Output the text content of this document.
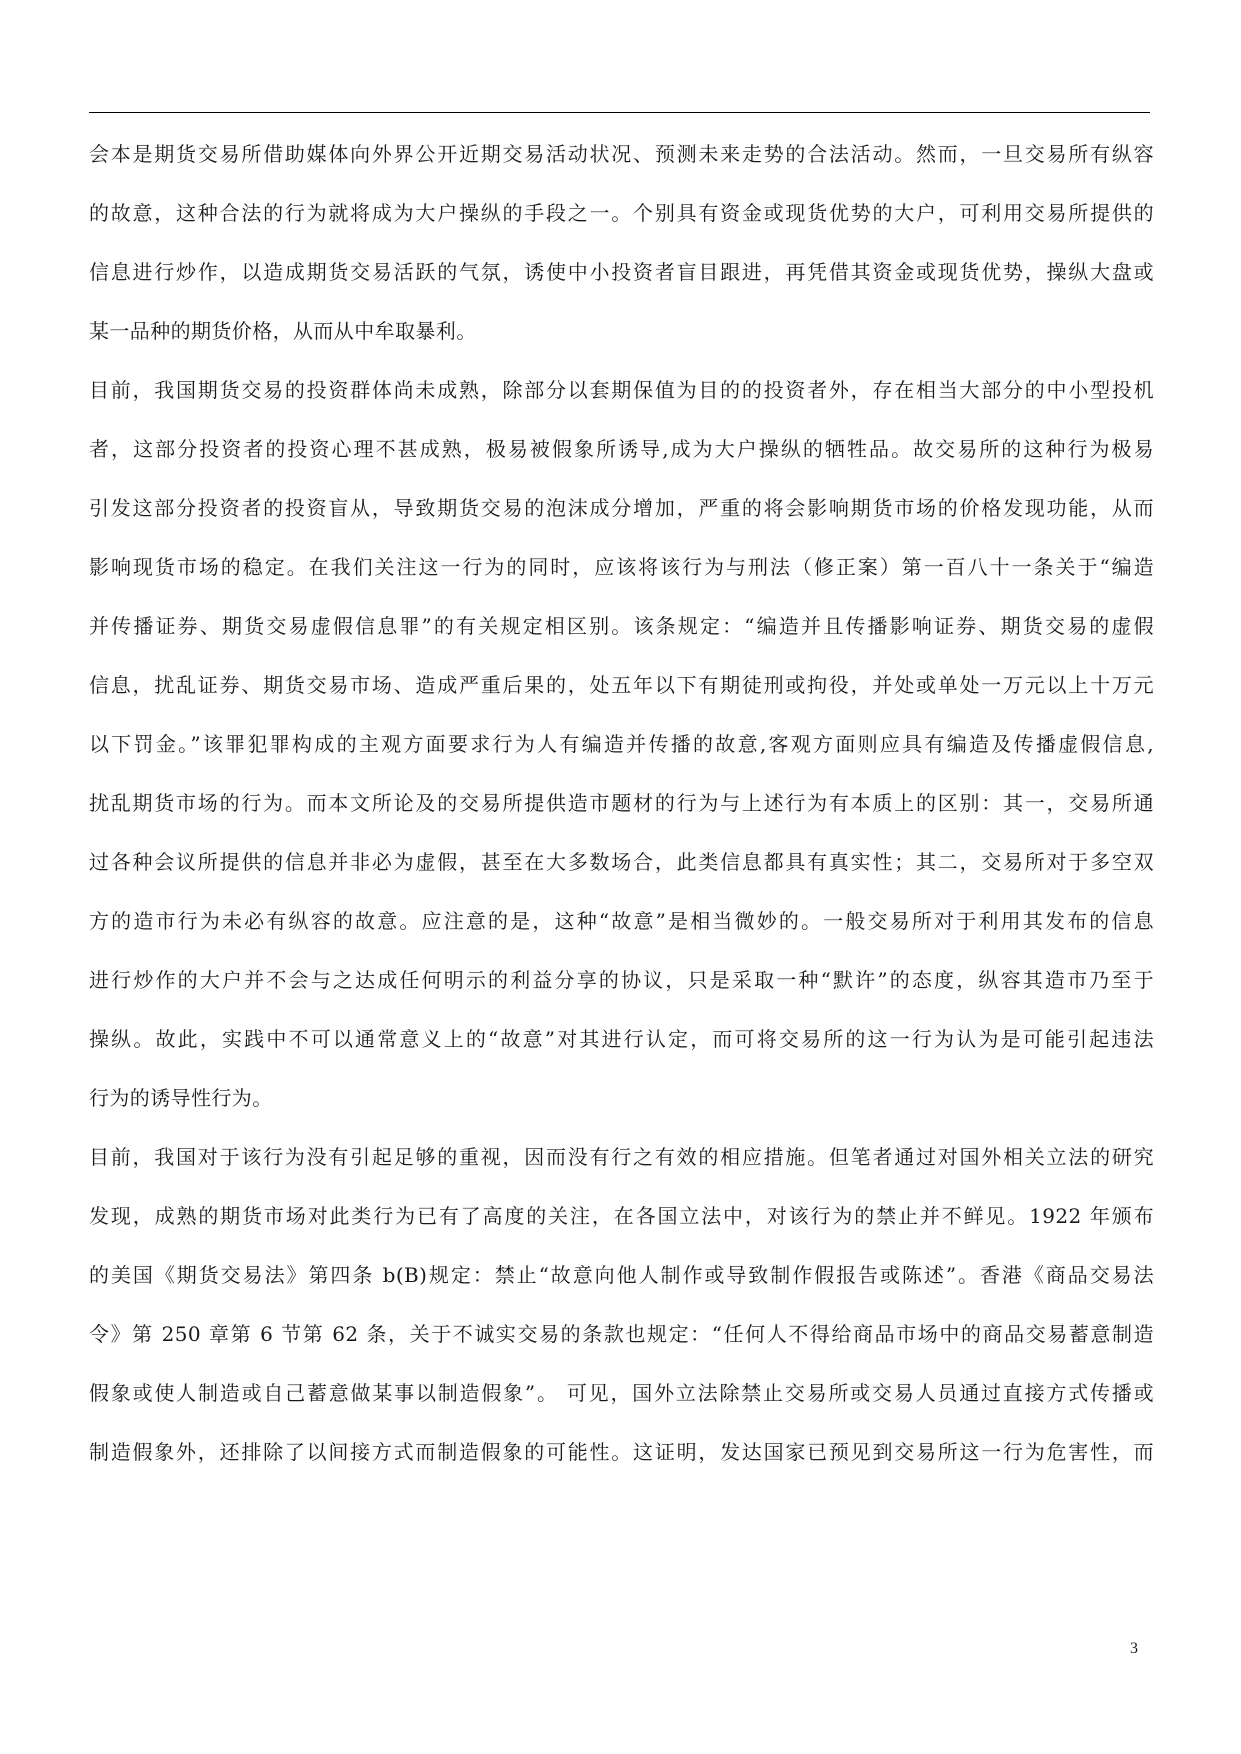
会本是期货交易所借助媒体向外界公开近期交易活动状况、预测未来走势的合法活动。然而，一旦交易所有纵容
的故意，这种合法的行为就将成为大户操纵的手段之一。个别具有资金或现货优势的大户，可利用交易所提供的
信息进行炒作，以造成期货交易活跃的气氛，诱使中小投资者盲目跟进，再凭借其资金或现货优势，操纵大盘或
某一品种的期货价格，从而从中牟取暴利。
目前，我国期货交易的投资群体尚未成熟，除部分以套期保值为目的的投资者外，存在相当大部分的中小型投机
者，这部分投资者的投资心理不甚成熟，极易被假象所诱导,成为大户操纵的牺牲品。故交易所的这种行为极易
引发这部分投资者的投资盲从，导致期货交易的泡沫成分增加，严重的将会影响期货市场的价格发现功能，从而
影响现货市场的稳定。在我们关注这一行为的同时，应该将该行为与刑法（修正案）第一百八十一条关于“编造
并传播证券、期货交易虚假信息罪”的有关规定相区别。该条规定：“编造并且传播影响证券、期货交易的虚假
信息，扰乱证券、期货交易市场、造成严重后果的，处五年以下有期徒刑或拘役，并处或单处一万元以上十万元
以下罚金。”该罪犯罪构成的主观方面要求行为人有编造并传播的故意,客观方面则应具有编造及传播虚假信息,
扰乱期货市场的行为。而本文所论及的交易所提供造市题材的行为与上述行为有本质上的区别：其一，交易所通
过各种会议所提供的信息并非必为虚假，甚至在大多数场合，此类信息都具有真实性；其二，交易所对于多空双
方的造市行为未必有纵容的故意。应注意的是，这种“故意”是相当微妙的。一般交易所对于利用其发布的信息
进行炒作的大户并不会与之达成任何明示的利益分享的协议，只是采取一种“默许”的态度，纵容其造市乃至于
操纵。故此，实践中不可以通常意义上的“故意”对其进行认定，而可将交易所的这一行为认为是可能引起违法
行为的诱导性行为。
目前，我国对于该行为没有引起足够的重视，因而没有行之有效的相应措施。但笔者通过对国外相关立法的研究
发现，成熟的期货市场对此类行为已有了高度的关注，在各国立法中，对该行为的禁止并不鲜见。1922 年颁布
的美国《期货交易法》第四条 b(B)规定：禁止“故意向他人制作或导致制作假报告或陈述”。香港《商品交易法
令》第 250 章第 6 节第 62 条，关于不诚实交易的条款也规定：“任何人不得给商品市场中的商品交易蓄意制造
假象或使人制造或自己蓄意做某事以制造假象”。 可见，国外立法除禁止交易所或交易人员通过直接方式传播或
制造假象外，还排除了以间接方式而制造假象的可能性。这证明，发达国家已预见到交易所这一行为危害性，而
3
